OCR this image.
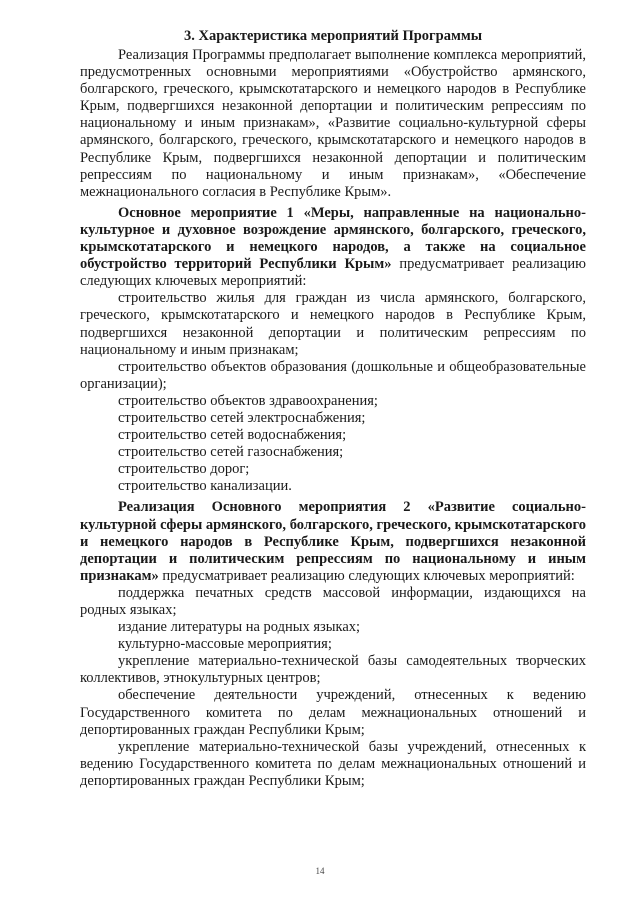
3. Характеристика мероприятий Программы

Реализация Программы предполагает выполнение комплекса мероприятий, предусмотренных основными мероприятиями «Обустройство армянского, болгарского, греческого, крымскотатарского и немецкого народов в Республике Крым, подвергшихся незаконной депортации и политическим репрессиям по национальному и иным признакам», «Развитие социально-культурной сферы армянского, болгарского, греческого, крымскотатарского и немецкого народов в Республике Крым, подвергшихся незаконной депортации и политическим репрессиям по национальному и иным признакам», «Обеспечение межнационального согласия в Республике Крым».

Основное мероприятие 1 «Меры, направленные на национально-культурное и духовное возрождение армянского, болгарского, греческого, крымскотатарского и немецкого народов, а также на социальное обустройство территорий Республики Крым» предусматривает реализацию следующих ключевых мероприятий:

строительство жилья для граждан из числа армянского, болгарского, греческого, крымскотатарского и немецкого народов в Республике Крым, подвергшихся незаконной депортации и политическим репрессиям по национальному и иным признакам;

строительство объектов образования (дошкольные и общеобразовательные организации);

строительство объектов здравоохранения;

строительство сетей электроснабжения;

строительство сетей водоснабжения;

строительство сетей газоснабжения;

строительство дорог;

строительство канализации.

Реализация Основного мероприятия 2 «Развитие социально-культурной сферы армянского, болгарского, греческого, крымскотатарского и немецкого народов в Республике Крым, подвергшихся незаконной депортации и политическим репрессиям по национальному и иным признакам» предусматривает реализацию следующих ключевых мероприятий:

поддержка печатных средств массовой информации, издающихся на родных языках;

издание литературы на родных языках;

культурно-массовые мероприятия;

укрепление материально-технической базы самодеятельных творческих коллективов, этнокультурных центров;

обеспечение деятельности учреждений, отнесенных к ведению Государственного комитета по делам межнациональных отношений и депортированных граждан Республики Крым;

укрепление материально-технической базы учреждений, отнесенных к ведению Государственного комитета по делам межнациональных отношений и депортированных граждан Республики Крым;

14
